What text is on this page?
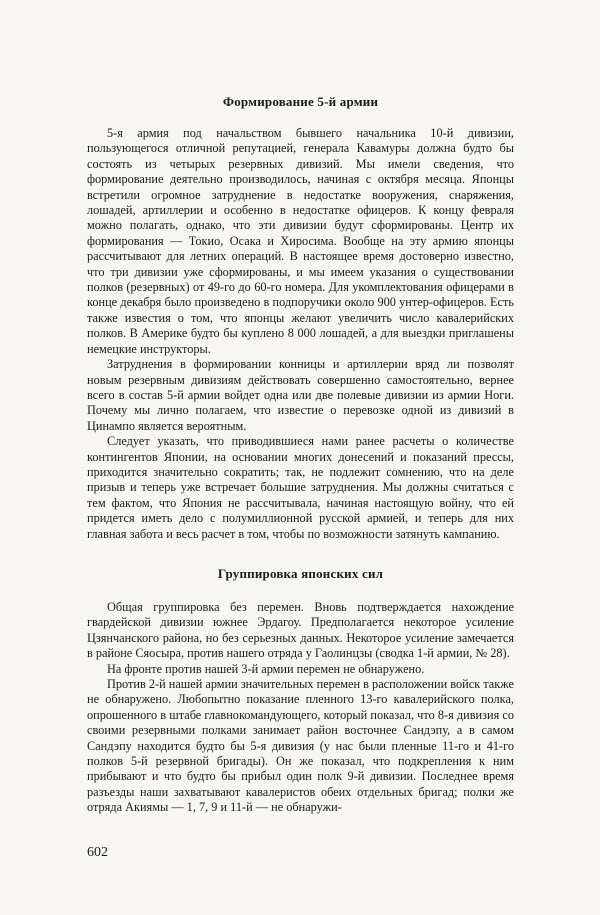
Формирование 5-й армии

5-я армия под начальством бывшего начальника 10-й дивизии, пользующегося отличной репутацией, генерала Кавамуры должна будто бы состоять из четырых резервных дивизий. Мы имели сведения, что формирование деятельно производилось, начиная с октября месяца. Японцы встретили огромное затруднение в недостатке вооружения, снаряжения, лошадей, артиллерии и особенно в недостатке офицеров. К концу февраля можно полагать, однако, что эти дивизии будут сформированы. Центр их формирования — Токио, Осака и Хиросима. Вообще на эту армию японцы рассчитывают для летних операций. В настоящее время достоверно известно, что три дивизии уже сформированы, и мы имеем указания о существовании полков (резервных) от 49-го до 60-го номера. Для укомплектования офицерами в конце декабря было произведено в подпоручики около 900 унтер-офицеров. Есть также известия о том, что японцы желают увеличить число кавалерийских полков. В Америке будто бы куплено 8 000 лошадей, а для выездки приглашены немецкие инструкторы.

Затруднения в формировании конницы и артиллерии вряд ли позволят новым резервным дивизиям действовать совершенно самостоятельно, вернее всего в состав 5-й армии войдет одна или две полевые дивизии из армии Ноги. Почему мы лично полагаем, что известие о перевозке одной из дивизий в Цинампо является вероятным.

Следует указать, что приводившиеся нами ранее расчеты о количестве контингентов Японии, на основании многих донесений и показаний прессы, приходится значительно сократить; так, не подлежит сомнению, что на деле призыв и теперь уже встречает большие затруднения. Мы должны считаться с тем фактом, что Япония не рассчитывала, начиная настоящую войну, что ей придется иметь дело с полумиллионной русской армией, и теперь для них главная забота и весь расчет в том, чтобы по возможности затянуть кампанию.

Группировка японских сил

Общая группировка без перемен. Вновь подтверждается нахождение гвардейской дивизии южнее Эрдагоу. Предполагается некоторое усиление Цзянчанского района, но без серьезных данных. Некоторое усиление замечается в районе Сяосыра, против нашего отряда у Гаолинцзы (сводка 1-й армии, № 28).

На фронте против нашей 3-й армии перемен не обнаружено.

Против 2-й нашей армии значительных перемен в расположении войск также не обнаружено. Любопытно показание пленного 13-го кавалерийского полка, опрошенного в штабе главнокомандующего, который показал, что 8-я дивизия со своими резервными полками занимает район восточнее Сандэпу, а в самом Сандэпу находится будто бы 5-я дивизия (у нас были пленные 11-го и 41-го полков 5-й резервной бригады). Он же показал, что подкрепления к ним прибывают и что будто бы прибыл один полк 9-й дивизии. Последнее время разъезды наши захватывают кавалеристов обеих отдельных бригад; полки же отряда Акиямы — 1, 7, 9 и 11-й — не обнаружи-

602
